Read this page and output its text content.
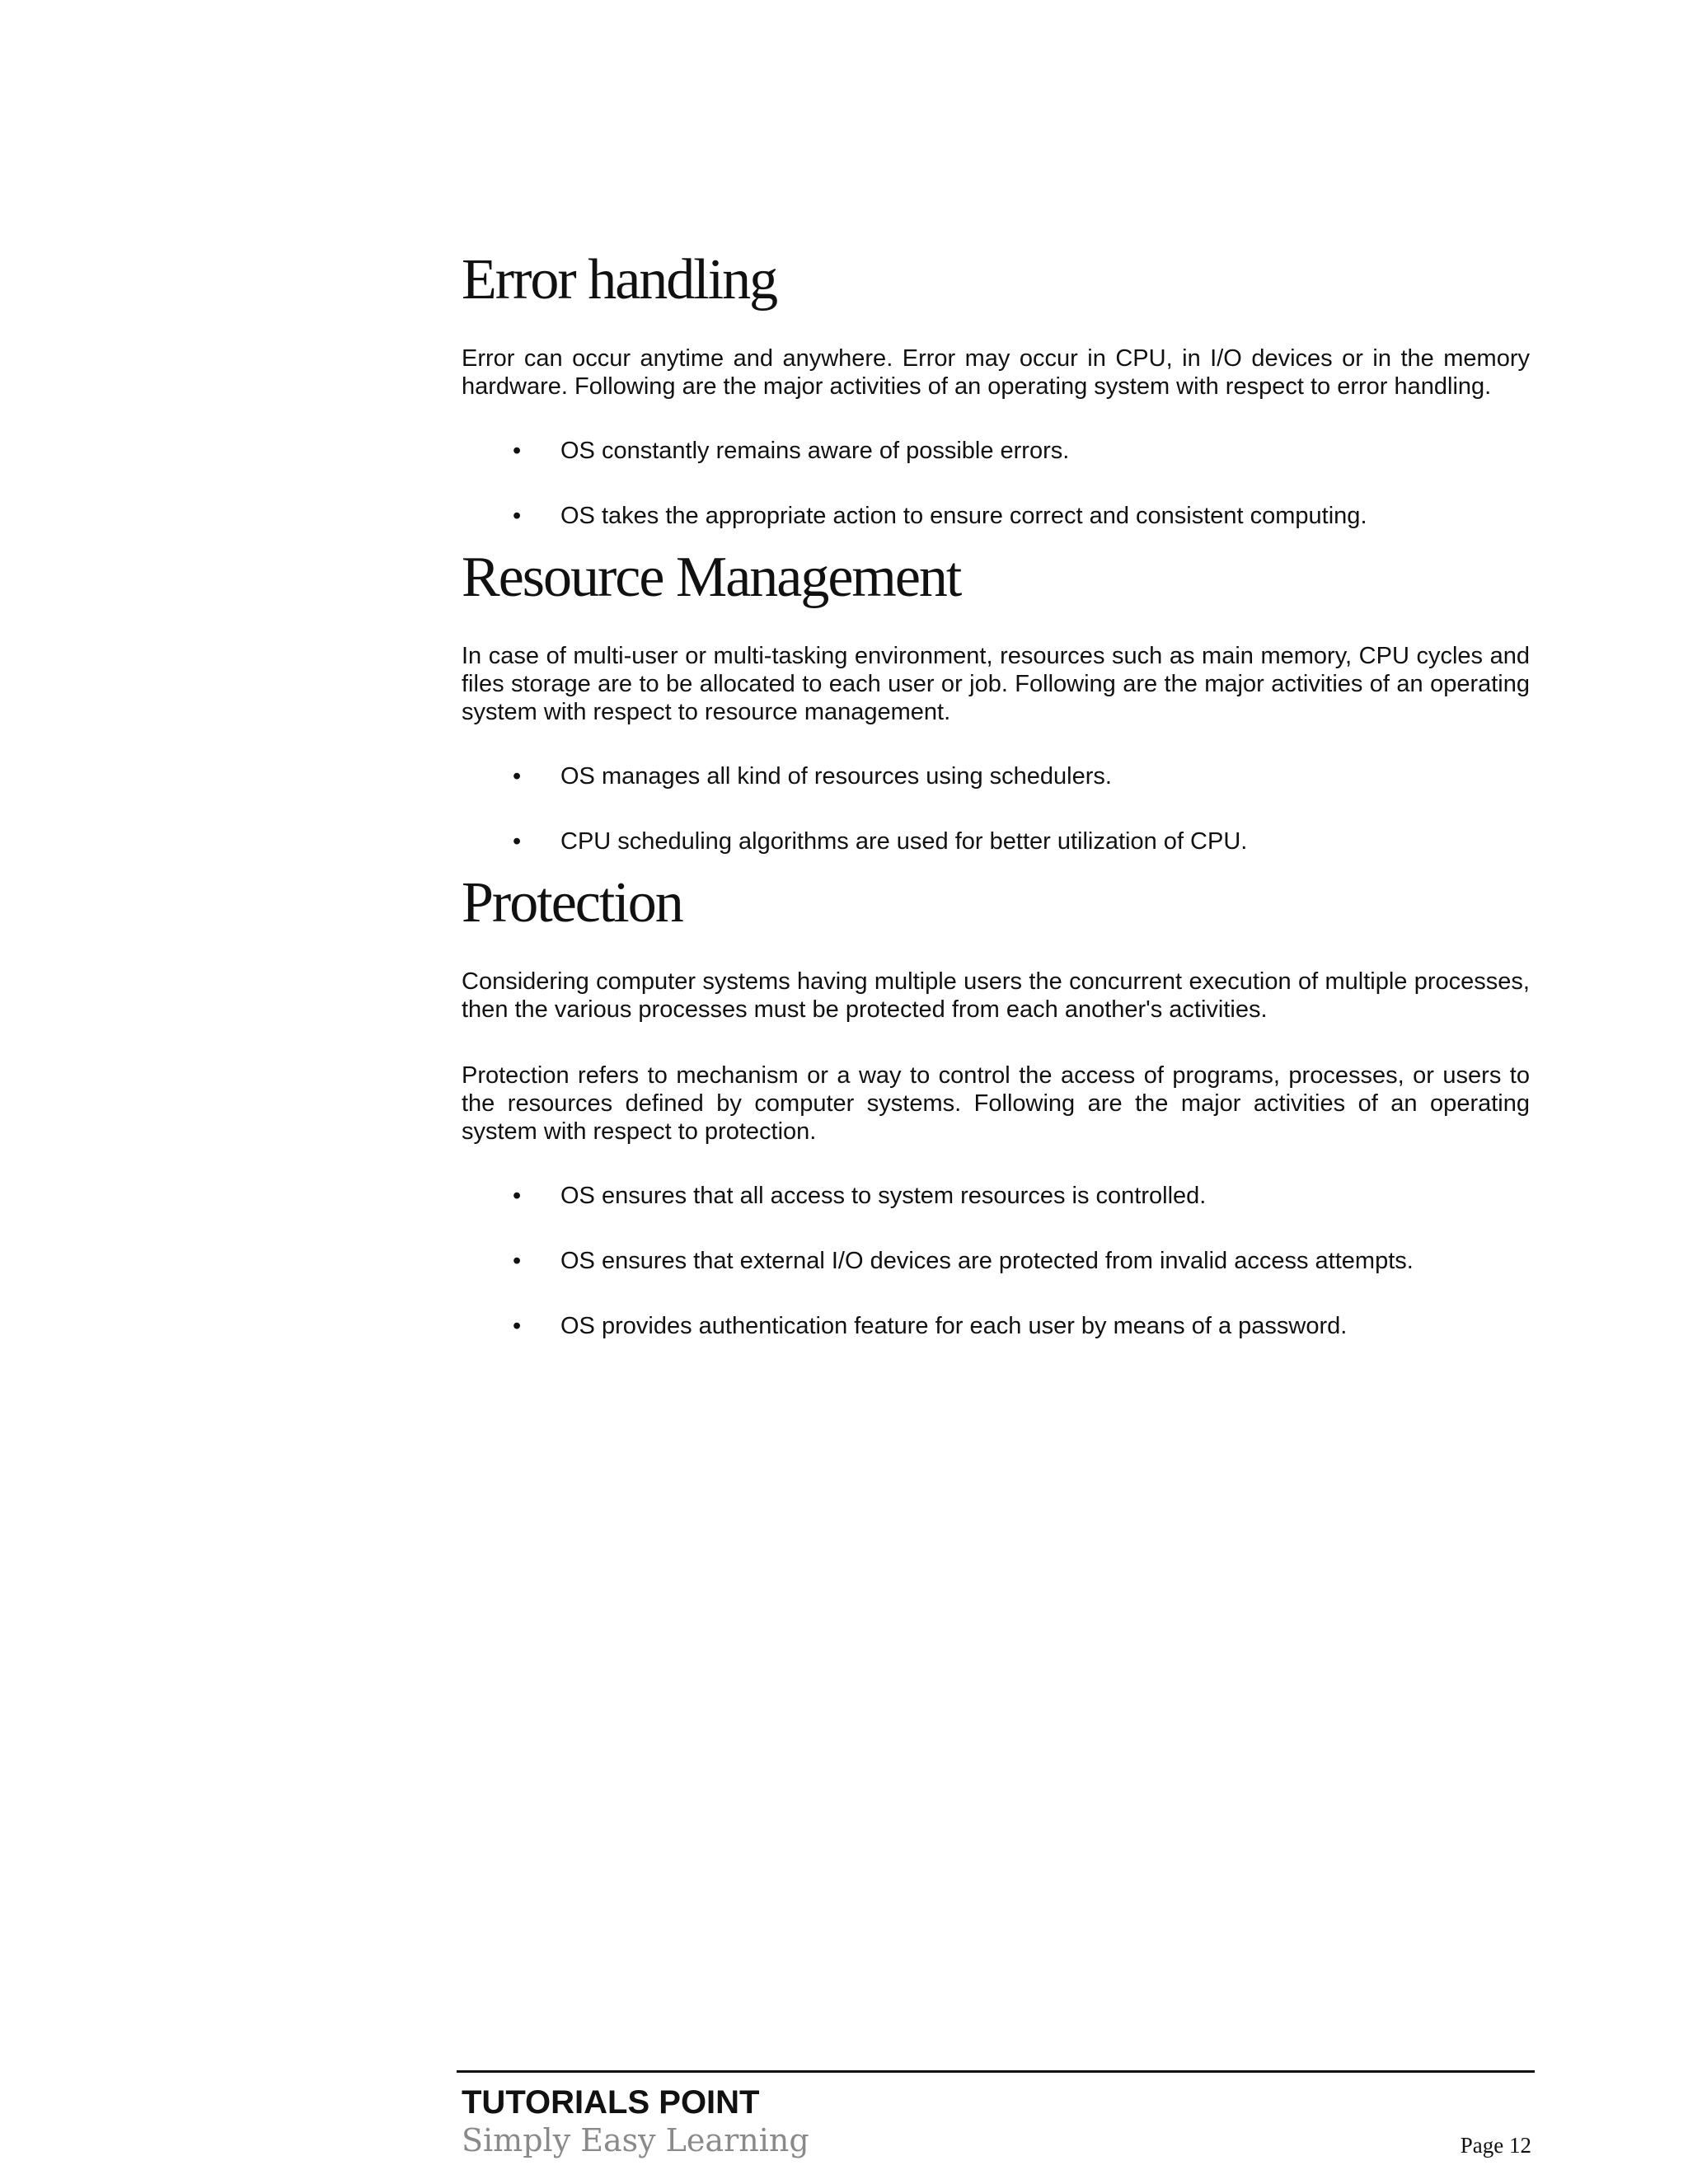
Error handling

Error can occur anytime and anywhere. Error may occur in CPU, in I/O devices or in the memory hardware. Following are the major activities of an operating system with respect to error handling.

• OS constantly remains aware of possible errors.
• OS takes the appropriate action to ensure correct and consistent computing.
Resource Management

In case of multi-user or multi-tasking environment, resources such as main memory, CPU cycles and files storage are to be allocated to each user or job. Following are the major activities of an operating system with respect to resource management.

• OS manages all kind of resources using schedulers.
• CPU scheduling algorithms are used for better utilization of CPU.
Protection

Considering computer systems having multiple users the concurrent execution of multiple processes, then the various processes must be protected from each another's activities.

Protection refers to mechanism or a way to control the access of programs, processes, or users to the resources defined by computer systems. Following are the major activities of an operating system with respect to protection.

• OS ensures that all access to system resources is controlled.
• OS ensures that external I/O devices are protected from invalid access attempts.
• OS provides authentication feature for each user by means of a password.
TUTORIALS POINT
Simply Easy Learning	Page 12
